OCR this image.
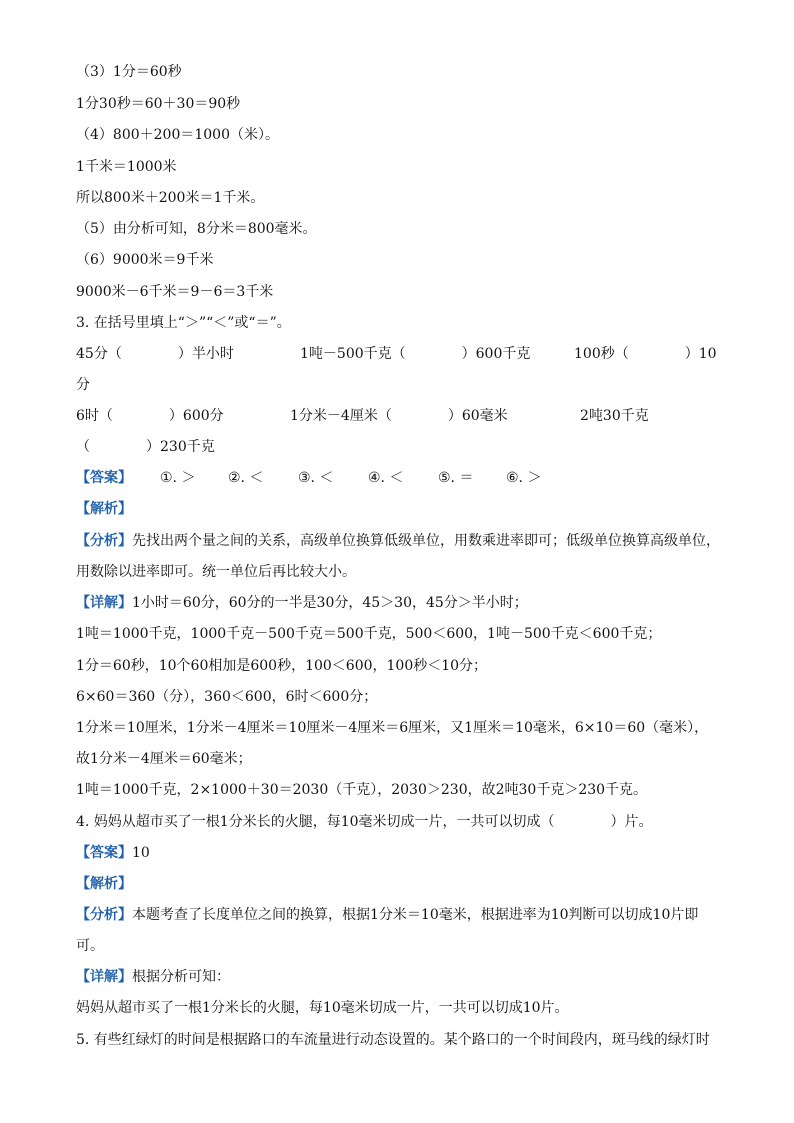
（3）1分＝60秒
1分30秒＝60＋30＝90秒
（4）800＋200＝1000（米）。
1千米＝1000米
所以800米＋200米＝1千米。
（5）由分析可知，8分米＝800毫米。
（6）9000米＝9千米
9000米－6千米＝9－6＝3千米
3. 在括号里填上“＞”“＜”或“＝”。
45分（　　　　）半小时	1吨－500千克（　　　　）600千克	100秒（　　　　）10
分
6时（　　　　）600分	1分米－4厘米（　　　　）60毫米	2吨30千克
（　　　　）230千克
【答案】 ①. ＞ ②. ＜ ③. ＜ ④. ＜ ⑤. ＝ ⑥. ＞
【解析】
【分析】先找出两个量之间的关系，高级单位换算低级单位，用数乘进率即可；低级单位换算高级单位，
用数除以进率即可。统一单位后再比较大小。
【详解】1小时＝60分，60分的一半是30分，45＞30，45分＞半小时；
1吨＝1000千克，1000千克－500千克＝500千克，500＜600，1吨－500千克＜600千克；
1分＝60秒，10个60相加是600秒，100＜600，100秒＜10分；
6×60＝360（分），360＜600，6时＜600分；
1分米＝10厘米，1分米－4厘米＝10厘米－4厘米＝6厘米，又1厘米＝10毫米，6×10＝60（毫米），
故1分米－4厘米＝60毫米；
1吨＝1000千克，2×1000＋30＝2030（千克），2030＞230，故2吨30千克＞230千克。
4. 妈妈从超市买了一根1分米长的火腿，每10毫米切成一片，一共可以切成（　　　　）片。
【答案】10
【解析】
【分析】本题考查了长度单位之间的换算，根据1分米＝10毫米，根据进率为10判断可以切成10片即
可。
【详解】根据分析可知：
妈妈从超市买了一根1分米长的火腿，每10毫米切成一片，一共可以切成10片。
5. 有些红绿灯的时间是根据路口的车流量进行动态设置的。某个路口的一个时间段内，斑马线的绿灯时
